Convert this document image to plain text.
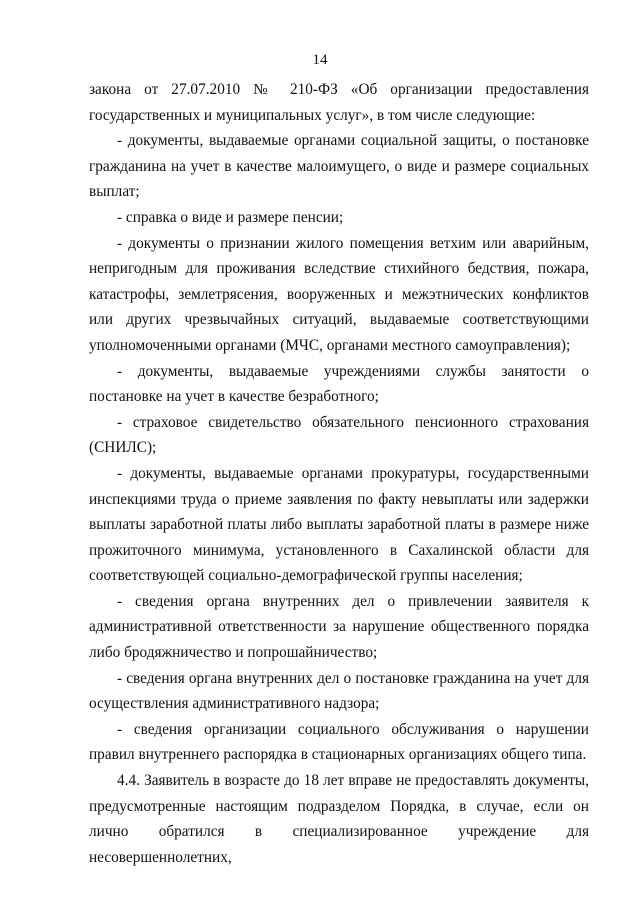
14

закона от 27.07.2010 № 210-ФЗ «Об организации предоставления государственных и муниципальных услуг», в том числе следующие:

- документы, выдаваемые органами социальной защиты, о постановке гражданина на учет в качестве малоимущего, о виде и размере социальных выплат;

- справка о виде и размере пенсии;

- документы о признании жилого помещения ветхим или аварийным, непригодным для проживания вследствие стихийного бедствия, пожара, катастрофы, землетрясения, вооруженных и межэтнических конфликтов или других чрезвычайных ситуаций, выдаваемые соответствующими уполномоченными органами (МЧС, органами местного самоуправления);

- документы, выдаваемые учреждениями службы занятости о постановке на учет в качестве безработного;

- страховое свидетельство обязательного пенсионного страхования (СНИЛС);

- документы, выдаваемые органами прокуратуры, государственными инспекциями труда о приеме заявления по факту невыплаты или задержки выплаты заработной платы либо выплаты заработной платы в размере ниже прожиточного минимума, установленного в Сахалинской области для соответствующей социально-демографической группы населения;

- сведения органа внутренних дел о привлечении заявителя к административной ответственности за нарушение общественного порядка либо бродяжничество и попрошайничество;

- сведения органа внутренних дел о постановке гражданина на учет для осуществления административного надзора;

- сведения организации социального обслуживания о нарушении правил внутреннего распорядка в стационарных организациях общего типа.

4.4. Заявитель в возрасте до 18 лет вправе не предоставлять документы, предусмотренные настоящим подразделом Порядка, в случае, если он лично обратился в специализированное учреждение для несовершеннолетних,
